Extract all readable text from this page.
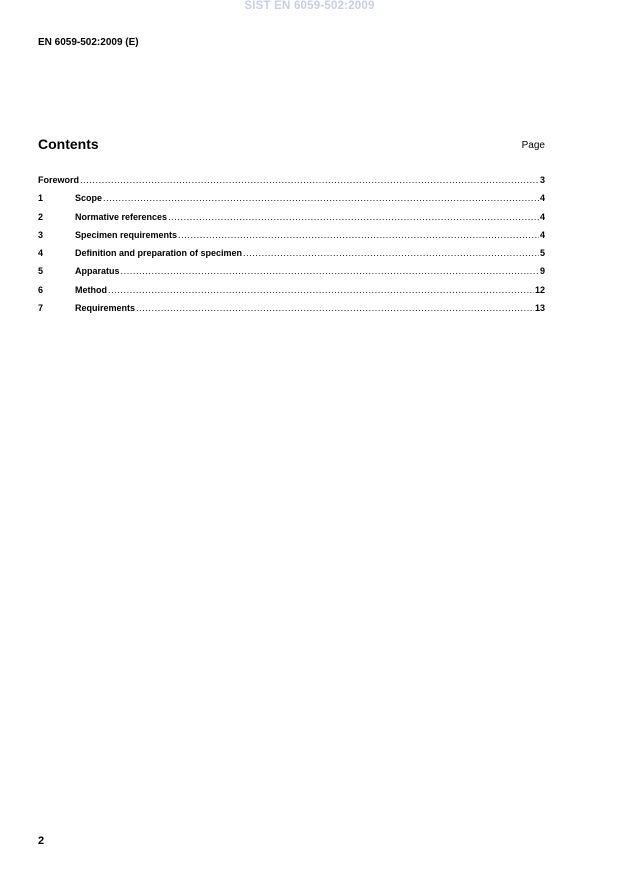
SIST EN 6059-502:2009
EN 6059-502:2009 (E)
Contents	Page
Foreword .....	3
1	Scope .....	4
2	Normative references .....	4
3	Specimen requirements .....	4
4	Definition and preparation of specimen .....	5
5	Apparatus .....	9
6	Method .....	12
7	Requirements .....	13
2
